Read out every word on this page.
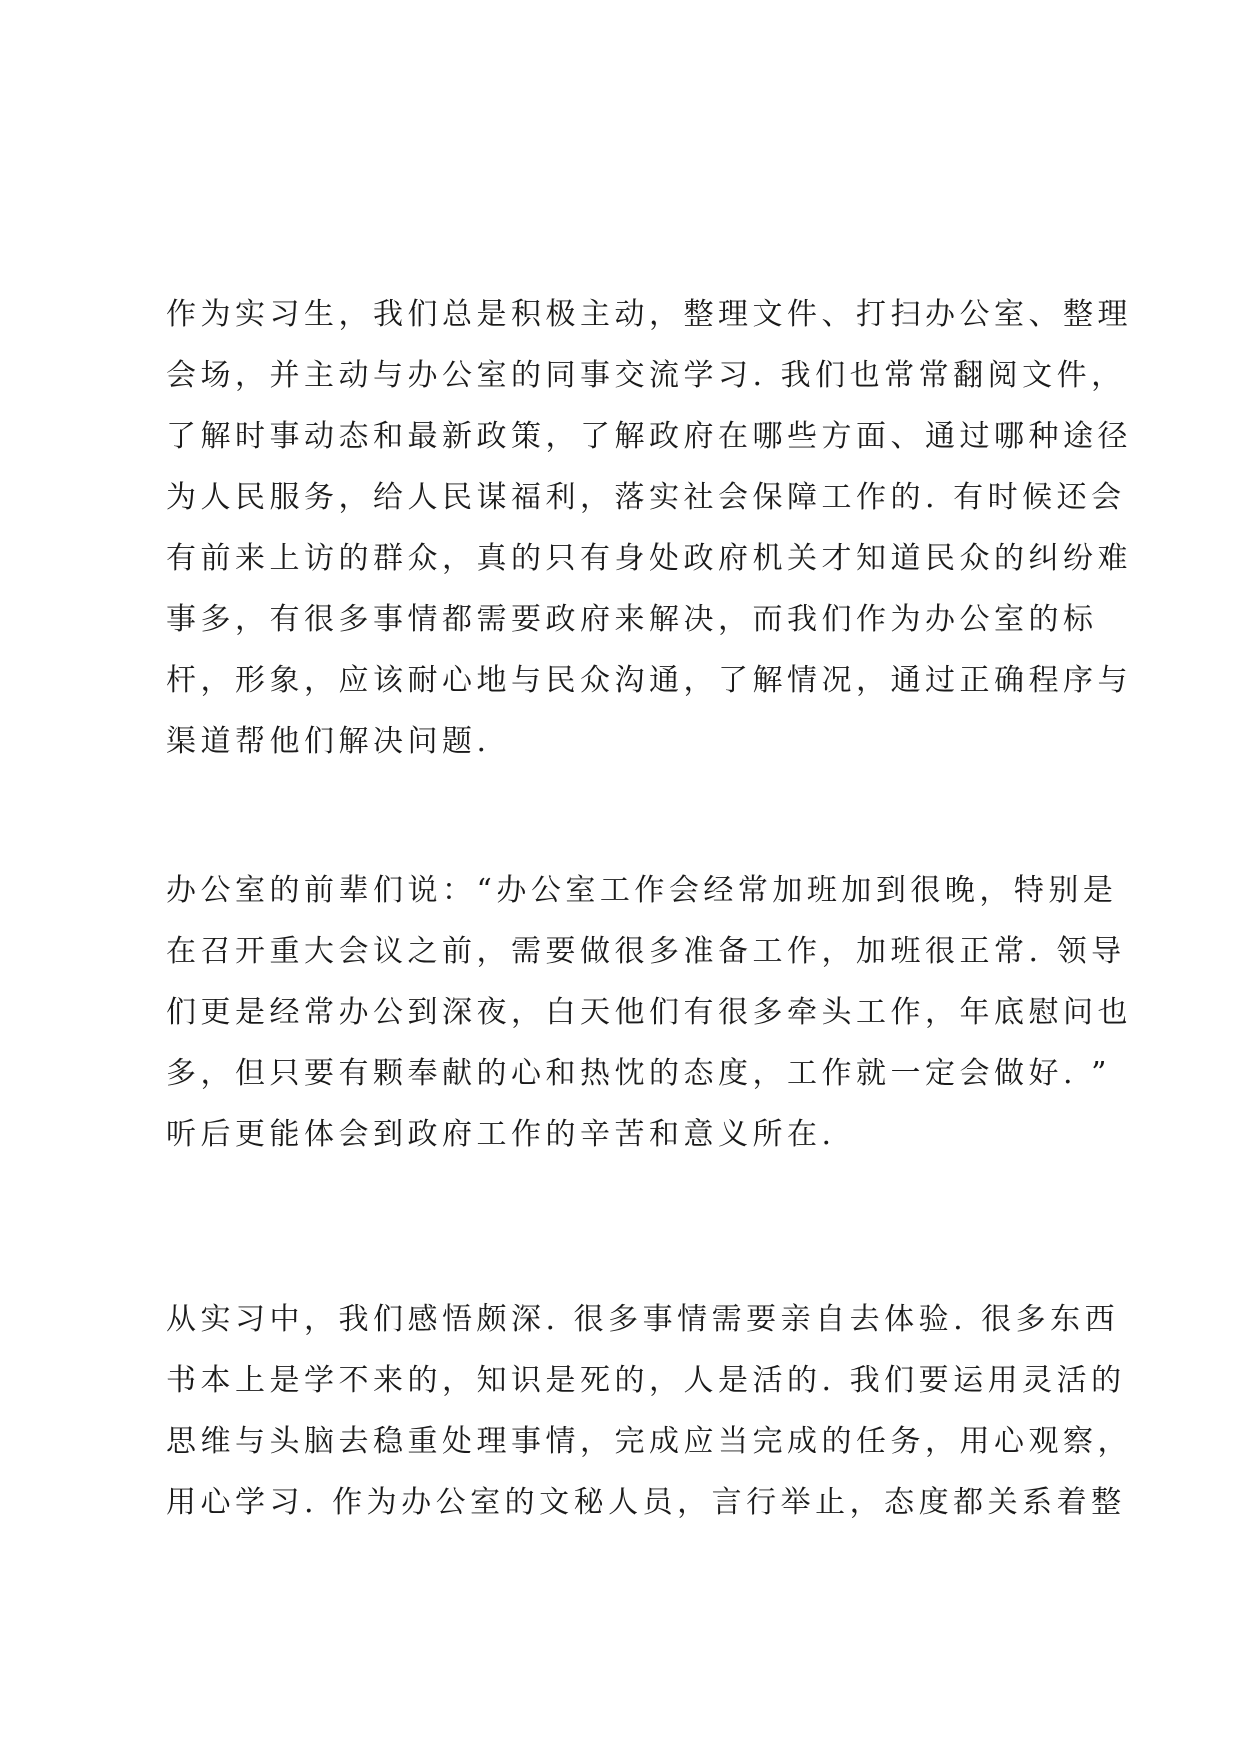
作为实习生，我们总是积极主动，整理文件、打扫办公室、整理
会场，并主动与办公室的同事交流学习. 我们也常常翻阅文件，
了解时事动态和最新政策，了解政府在哪些方面、通过哪种途径
为人民服务，给人民谋福利，落实社会保障工作的. 有时候还会
有前来上访的群众，真的只有身处政府机关才知道民众的纠纷难
事多，有很多事情都需要政府来解决，而我们作为办公室的标
杆，形象，应该耐心地与民众沟通，了解情况，通过正确程序与
渠道帮他们解决问题.
办公室的前辈们说：“办公室工作会经常加班加到很晚，特别是
在召开重大会议之前，需要做很多准备工作，加班很正常. 领导
们更是经常办公到深夜，白天他们有很多牵头工作，年底慰问也
多，但只要有颗奉献的心和热忱的态度，工作就一定会做好. ”
听后更能体会到政府工作的辛苦和意义所在.
从实习中，我们感悟颇深. 很多事情需要亲自去体验. 很多东西
书本上是学不来的，知识是死的，人是活的. 我们要运用灵活的
思维与头脑去稳重处理事情，完成应当完成的任务，用心观察，
用心学习. 作为办公室的文秘人员，言行举止，态度都关系着整
